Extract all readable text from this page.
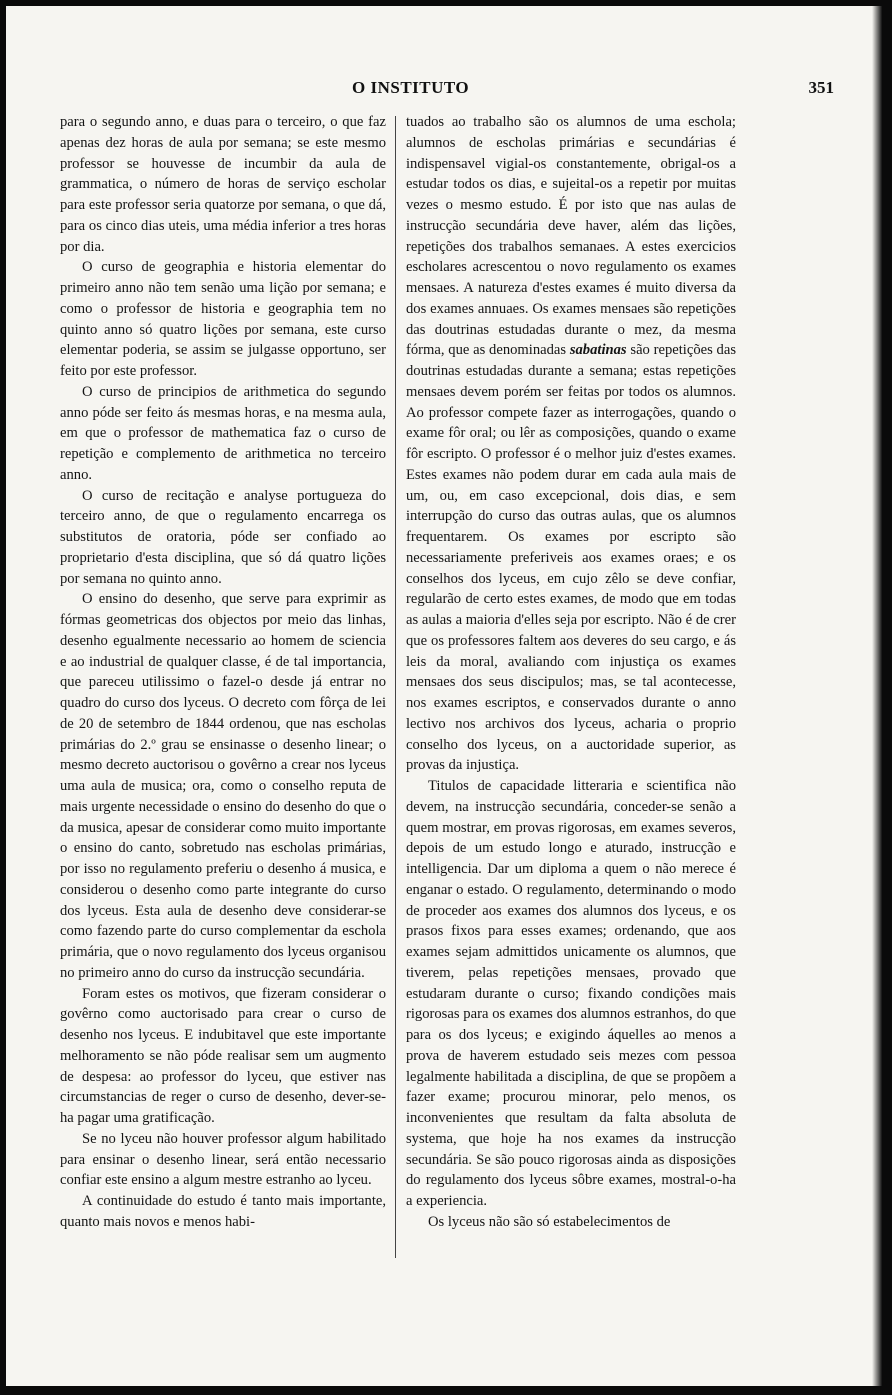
O INSTITUTO	351

para o segundo anno, e duas para o terceiro, o que faz apenas dez horas de aula por semana; se este mesmo professor se houvesse de incumbir da aula de grammatica, o número de horas de serviço escholar para este professor seria quatorze por semana, o que dá, para os cinco dias uteis, uma média inferior a tres horas por dia.

O curso de geographia e historia elementar do primeiro anno não tem senão uma lição por semana; e como o professor de historia e geographia tem no quinto anno só quatro lições por semana, este curso elementar poderia, se assim se julgasse opportuno, ser feito por este professor.

O curso de principios de arithmetica do segundo anno póde ser feito ás mesmas horas, e na mesma aula, em que o professor de mathematica faz o curso de repetição e complemento de arithmetica no terceiro anno.

O curso de recitação e analyse portugueza do terceiro anno, de que o regulamento encarrega os substitutos de oratoria, póde ser confiado ao proprietario d'esta disciplina, que só dá quatro lições por semana no quinto anno.

O ensino do desenho, que serve para exprimir as fórmas geometricas dos objectos por meio das linhas, desenho egualmente necessario ao homem de sciencia e ao industrial de qualquer classe, é de tal importancia, que pareceu utilissimo o fazel-o desde já entrar no quadro do curso dos lyceus. O decreto com fôrça de lei de 20 de setembro de 1844 ordenou, que nas escholas primárias do 2.º grau se ensinasse o desenho linear; o mesmo decreto auctorisou o govêrno a crear nos lyceus uma aula de musica; ora, como o conselho reputa de mais urgente necessidade o ensino do desenho do que o da musica, apesar de considerar como muito importante o ensino do canto, sobretudo nas escholas primárias, por isso no regulamento preferiu o desenho á musica, e considerou o desenho como parte integrante do curso dos lyceus. Esta aula de desenho deve considerar-se como fazendo parte do curso complementar da eschola primária, que o novo regulamento dos lyceus organisou no primeiro anno do curso da instrucção secundária.

Foram estes os motivos, que fizeram considerar o govêrno como auctorisado para crear o curso de desenho nos lyceus. E indubitavel que este importante melhoramento se não póde realisar sem um augmento de despesa: ao professor do lyceu, que estiver nas circumstancias de reger o curso de desenho, dever-se-ha pagar uma gratificação.

Se no lyceu não houver professor algum habilitado para ensinar o desenho linear, será então necessario confiar este ensino a algum mestre estranho ao lyceu.

A continuidade do estudo é tanto mais importante, quanto mais novos e menos habi-

tuados ao trabalho são os alumnos de uma eschola; alumnos de escholas primárias e secundárias é indispensavel vigial-os constantemente, obrigal-os a estudar todos os dias, e sujeital-os a repetir por muitas vezes o mesmo estudo. É por isto que nas aulas de instrucção secundária deve haver, além das lições, repetições dos trabalhos semanaes. A estes exercicios escholares acrescentou o novo regulamento os exames mensaes. A natureza d'estes exames é muito diversa da dos exames annuaes. Os exames mensaes são repetições das doutrinas estudadas durante o mez, da mesma fórma, que as denominadas sabatinas são repetições das doutrinas estudadas durante a semana; estas repetições mensaes devem porém ser feitas por todos os alumnos. Ao professor compete fazer as interrogações, quando o exame fôr oral; ou lêr as composições, quando o exame fôr escripto. O professor é o melhor juiz d'estes exames. Estes exames não podem durar em cada aula mais de um, ou, em caso excepcional, dois dias, e sem interrupção do curso das outras aulas, que os alumnos frequentarem. Os exames por escripto são necessariamente preferiveis aos exames oraes; e os conselhos dos lyceus, em cujo zêlo se deve confiar, regularão de certo estes exames, de modo que em todas as aulas a maioria d'elles seja por escripto. Não é de crer que os professores faltem aos deveres do seu cargo, e ás leis da moral, avaliando com injustiça os exames mensaes dos seus discipulos; mas, se tal acontecesse, nos exames escriptos, e conservados durante o anno lectivo nos archivos dos lyceus, acharia o proprio conselho dos lyceus, on a auctoridade superior, as provas da injustiça.

Titulos de capacidade litteraria e scientifica não devem, na instrucção secundária, conceder-se senão a quem mostrar, em provas rigorosas, em exames severos, depois de um estudo longo e aturado, instrucção e intelligencia. Dar um diploma a quem o não merece é enganar o estado. O regulamento, determinando o modo de proceder aos exames dos alumnos dos lyceus, e os prasos fixos para esses exames; ordenando, que aos exames sejam admittidos unicamente os alumnos, que tiverem, pelas repetições mensaes, provado que estudaram durante o curso; fixando condições mais rigorosas para os exames dos alumnos estranhos, do que para os dos lyceus; e exigindo áquelles ao menos a prova de haverem estudado seis mezes com pessoa legalmente habilitada a disciplina, de que se propõem a fazer exame; procurou minorar, pelo menos, os inconvenientes que resultam da falta absoluta de systema, que hoje ha nos exames da instrucção secundária. Se são pouco rigorosas ainda as disposições do regulamento dos lyceus sôbre exames, mostral-o-ha a experiencia.

Os lyceus não são só estabelecimentos de
